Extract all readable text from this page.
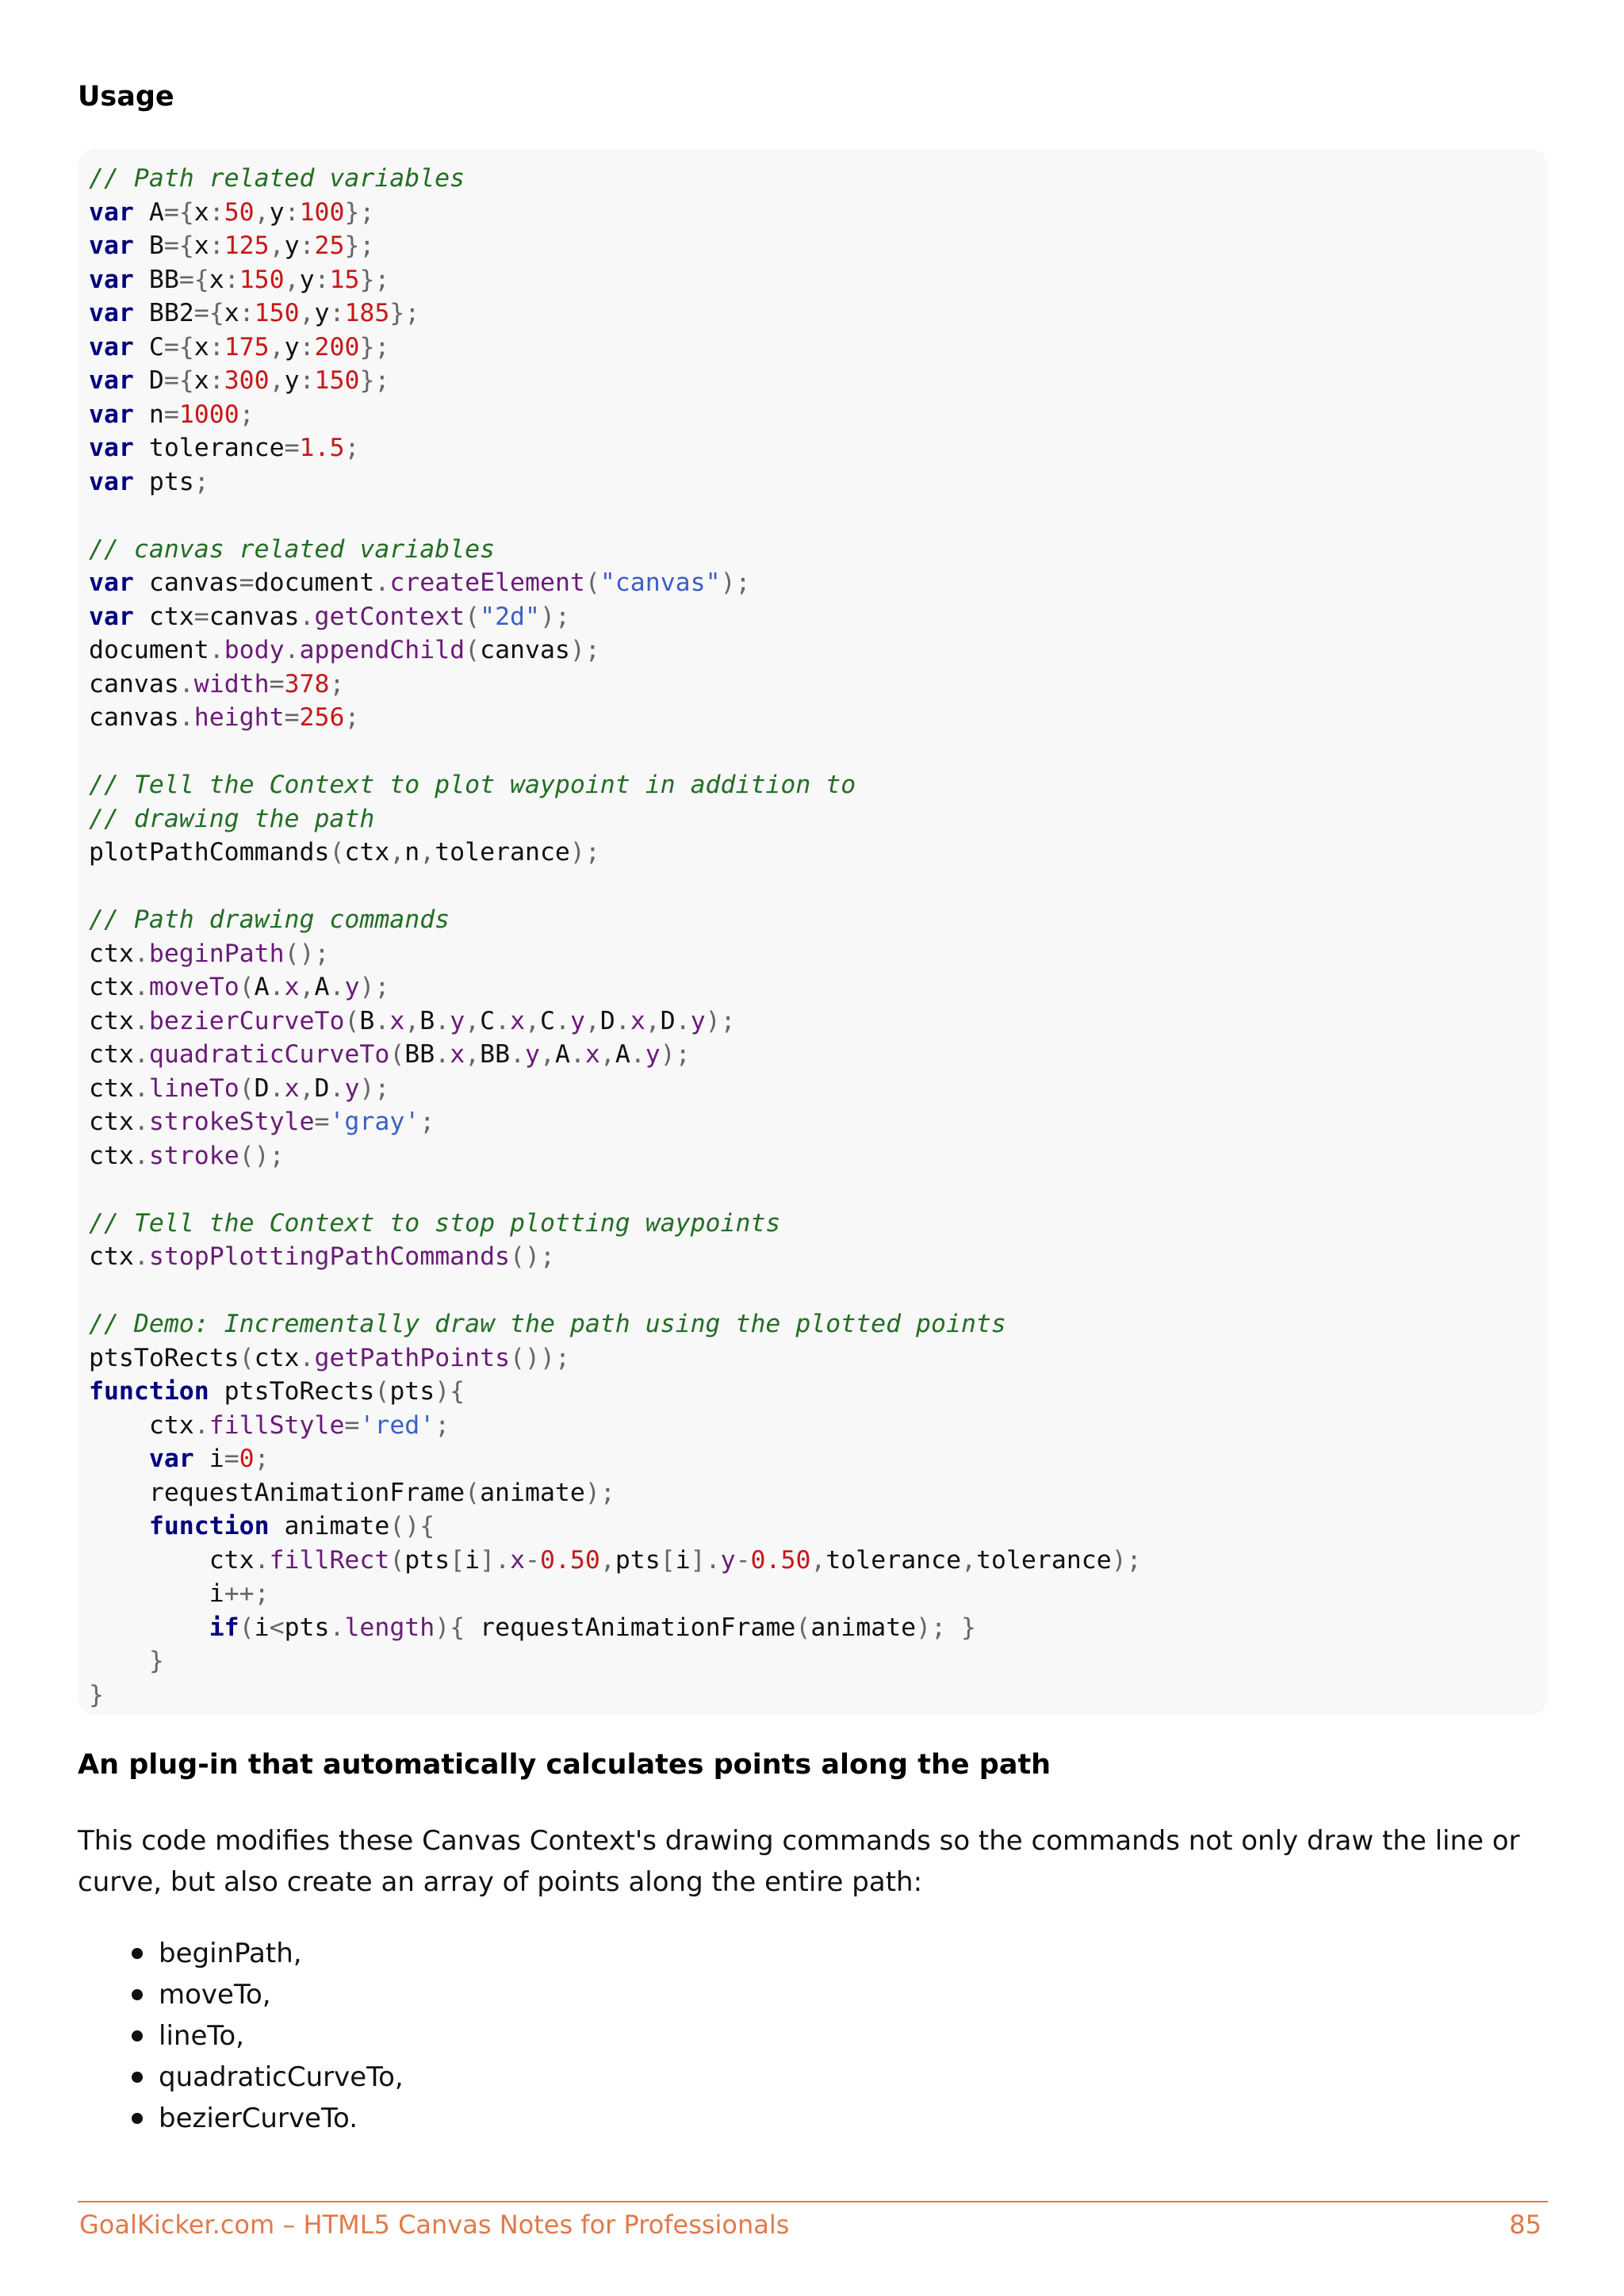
Usage
// Path related variables
var A={x:50,y:100};
var B={x:125,y:25};
var BB={x:150,y:15};
var BB2={x:150,y:185};
var C={x:175,y:200};
var D={x:300,y:150};
var n=1000;
var tolerance=1.5;
var pts;
// canvas related variables
var canvas=document.createElement("canvas");
var ctx=canvas.getContext("2d");
document.body.appendChild(canvas);
canvas.width=378;
canvas.height=256;
// Tell the Context to plot waypoint in addition to
// drawing the path
plotPathCommands(ctx,n,tolerance);
// Path drawing commands
ctx.beginPath();
ctx.moveTo(A.x,A.y);
ctx.bezierCurveTo(B.x,B.y,C.x,C.y,D.x,D.y);
ctx.quadraticCurveTo(BB.x,BB.y,A.x,A.y);
ctx.lineTo(D.x,D.y);
ctx.strokeStyle='gray';
ctx.stroke();
// Tell the Context to stop plotting waypoints
ctx.stopPlottingPathCommands();
// Demo: Incrementally draw the path using the plotted points
ptsToRects(ctx.getPathPoints());
function ptsToRects(pts){
ctx.fillStyle='red';
var i=0;
requestAnimationFrame(animate);
function animate(){
ctx.fillRect(pts[i].x-0.50,pts[i].y-0.50,tolerance,tolerance);
i++;
if(i<pts.length){ requestAnimationFrame(animate); }
}
}
An plug-in that automatically calculates points along the path

This code modifies these Canvas Context's drawing commands so the commands not only draw the line or curve, but also create an array of points along the entire path:

beginPath,
moveTo,
lineTo,
quadraticCurveTo,
bezierCurveTo.

GoalKicker.com – HTML5 Canvas Notes for Professionals	85
